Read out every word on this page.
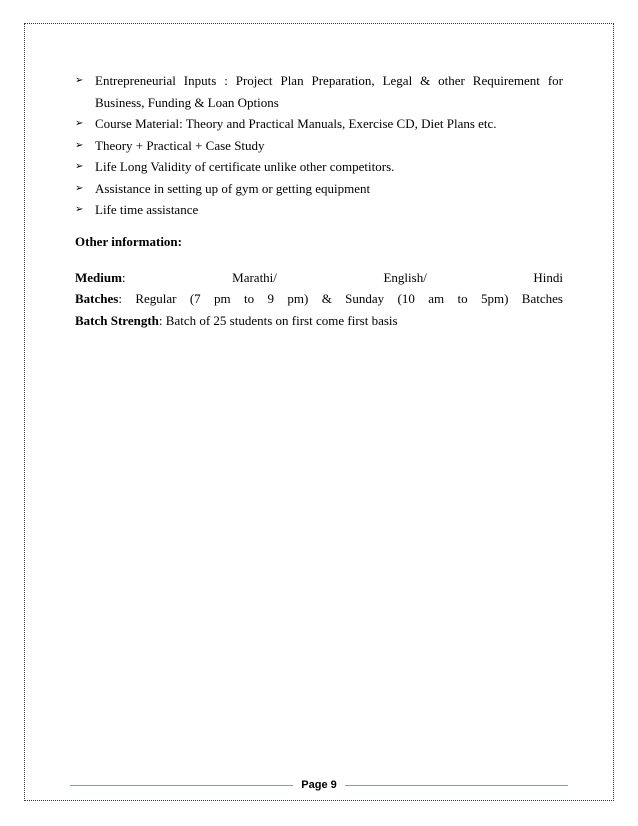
➢ Entrepreneurial Inputs : Project Plan Preparation, Legal & other Requirement for Business, Funding & Loan Options
➢ Course Material: Theory and Practical Manuals, Exercise CD, Diet Plans etc.
➢ Theory + Practical + Case Study
➢ Life Long Validity of certificate unlike other competitors.
➢ Assistance in setting up of gym or getting equipment
➢ Life time assistance
Other information:
Medium:	Marathi/	English/	Hindi
Batches: Regular (7 pm to 9 pm) & Sunday (10 am to 5pm) Batches
Batch Strength: Batch of 25 students on first come first basis
Page 9
